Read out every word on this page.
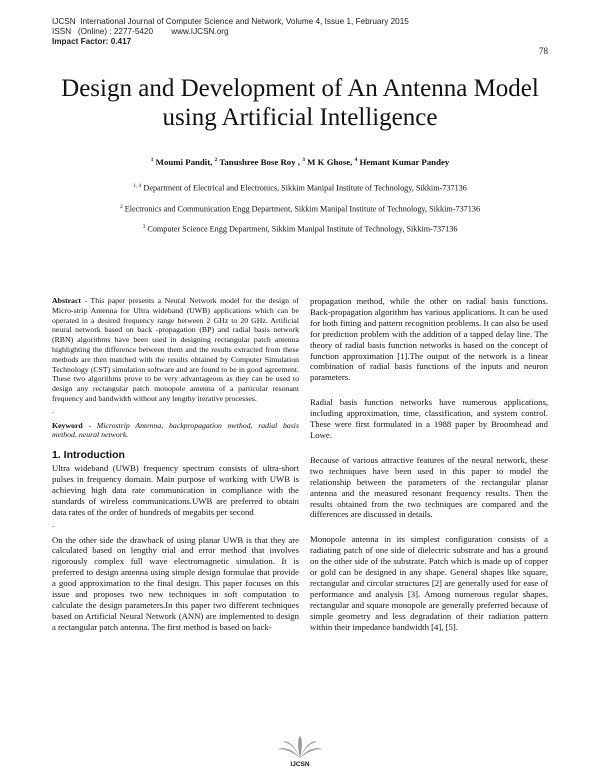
IJCSN  International Journal of Computer Science and Network, Volume 4, Issue 1, February 2015
ISSN   (Online) : 2277-5420        www.IJCSN.org
Impact Factor: 0.417
78
Design and Development of An Antenna Model
using Artificial Intelligence
$^1$ Moumi Pandit, $^2$ Tanushree Bose Roy , $^3$ M K Ghose, $^4$ Hemant Kumar Pandey
$^{1, 4}$ Department of Electrical and Electronics, Sikkim Manipal Institute of Technology, Sikkim-737136
$^2$ Electronics and Communication Engg Department, Sikkim Manipal Institute of Technology, Sikkim-737136
$^3$ Computer Science Engg Department, Sikkim Manipal Institute of Technology, Sikkim-737136

Abstract - This paper presents a Neural Network model for the design of Micro-strip Antenna for Ultra wideband (UWB) applications which can be operated in a desired frequency range between 2 GHz to 20 GHz. Artificial neural network based on back -propagation (BP) and radial basis network (RBN) algorithms have been used in designing rectangular patch antenna highlighting the difference between them and the results extracted from these methods are then matched with the results obtained by Computer Simulation Technology (CST) simulation software and are found to be in good agreement. These two algorithms prove to be very advantageous as they can be used to design any rectangular patch monopole antenna of a particular resonant frequency and bandwidth without any lengthy iterative processes.

.

Keyword - Microstrip Antenna, backpropagation method, radial basis method, neural network.

1. Introduction

Ultra wideband (UWB) frequency spectrum consists of ultra-short pulses in frequency domain. Main purpose of working with UWB is achieving high data rate communication in compliance with the standards of wireless communications.UWB are preferred to obtain data rates of the order of hundreds of megabits per second

.

On the other side the drawback of using planar UWB is that they are calculated based on lengthy trial and error method that involves rigorously complex full wave electromagnetic simulation. It is preferred to design antenna using simple design formulae that provide a good approximation to the final design. This paper focuses on this issue and proposes two new techniques in soft computation to calculate the design parameters.In this paper two different techniques based on Artificial Neural Network (ANN) are implemented to design a rectangular patch antenna. The first method is based on back-

propagation method, while the other on radial basis functions. Back-propagation algorithm has various applications. It can be used for both fitting and pattern recognition problems. It can also be used for prediction problem with the addition of a tapped delay line. The theory of radial basis function networks is based on the concept of function approximation [1].The output of the network is a linear combination of radial basis functions of the inputs and neuron parameters.

Radial basis function networks have numerous applications, including approximation, time, classification, and system control. These were first formulated in a 1988 paper by Broomhead and Lowe.

Because of various attractive features of the neural network, these two techniques have been used in this paper to model the relationship between the parameters of the rectangular planar antenna and the measured resonant frequency results. Then the results obtained from the two techniques are compared and the differences are discussed in details.

Monopole antenna in its simplest configuration consists of a radiating patch of one side of dielectric substrate and has a ground on the other side of the substrate. Patch which is made up of copper or gold can be designed in any shape. General shapes like square, rectangular and circular structures [2] are generally used for ease of performance and analysis [3]. Among numerous regular shapes, rectangular and square monopole are generally preferred because of simple geometry and less degradation of their radiation pattern within their impedance bandwidth [4], [5].

IJCSN
